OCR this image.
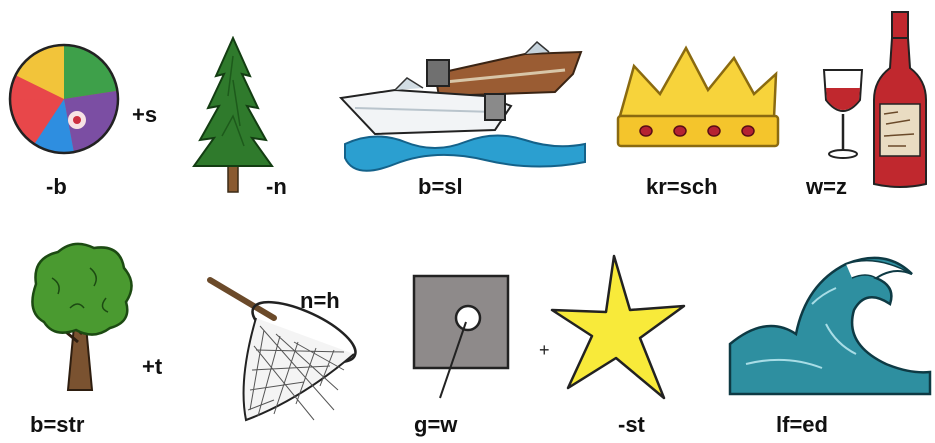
+s
-b	-n	b=sl	kr=sch	w=z
+t
b=str
n=h
g=w
+
-st	lf=ed
